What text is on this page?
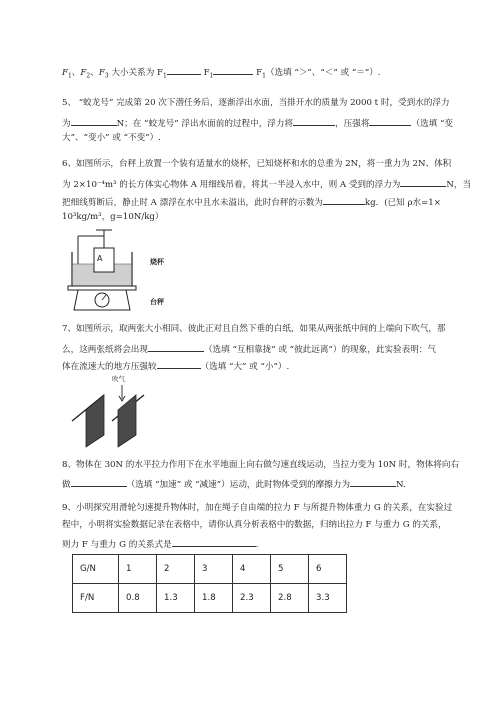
$F_1$、$F_2$、$F_3$ 大小关系为 $F_1$	$F_1$	$F_1$（选填 “＞”、“＜” 或 “＝”）.
5、 “蛟龙号” 完成第 20 次下潜任务后，逐渐浮出水面，当排开水的质量为 2000 t 时，受到水的浮力
为	N；在 “蛟龙号” 浮出水面前的过程中，浮力将	，压强将	（选填 “变
大”、“变小” 或 “不变”）.
6、如图所示，台秤上放置一个装有适量水的烧杯，已知烧杯和水的总重为 2N，将一重力为 2N、体积
为 2×10⁻⁴m³ 的长方体实心物体 A 用细线吊着，将其一半浸入水中，则 A 受到的浮力为	N，当
把细线剪断后，静止时 A 漂浮在水中且水未溢出，此时台秤的示数为	kg．(已知 ρ水=1×
10³kg/m³，g=10N/kg）
A	烧杯
台秤
7、如图所示，取两张大小相同、彼此正对且自然下垂的白纸，如果从两张纸中间的上端向下吹气，那
么，这两张纸将会出现	（选填 “互相靠拢” 或 “彼此远离”）的现象，此实验表明：气
体在流速大的地方压强较	（选填 “大” 或 “小”）.
吹气
8、物体在 30N 的水平拉力作用下在水平地面上向右做匀速直线运动，当拉力变为 10N 时，物体将向右
做	（选填 “加速” 或 “减速”）运动，此时物体受到的摩擦力为	N.
9、小明探究用滑轮匀速提升物体时，加在绳子自由端的拉力 F 与所提升物体重力 G 的关系，在实验过
程中，小明将实验数据记录在表格中，请你认真分析表格中的数据，归纳出拉力 F 与重力 G 的关系，
则力 F 与重力 G 的关系式是	.
G/N	1	2	3	4	5	6
F/N	0.8	1.3	1.8	2.3	2.8	3.3
